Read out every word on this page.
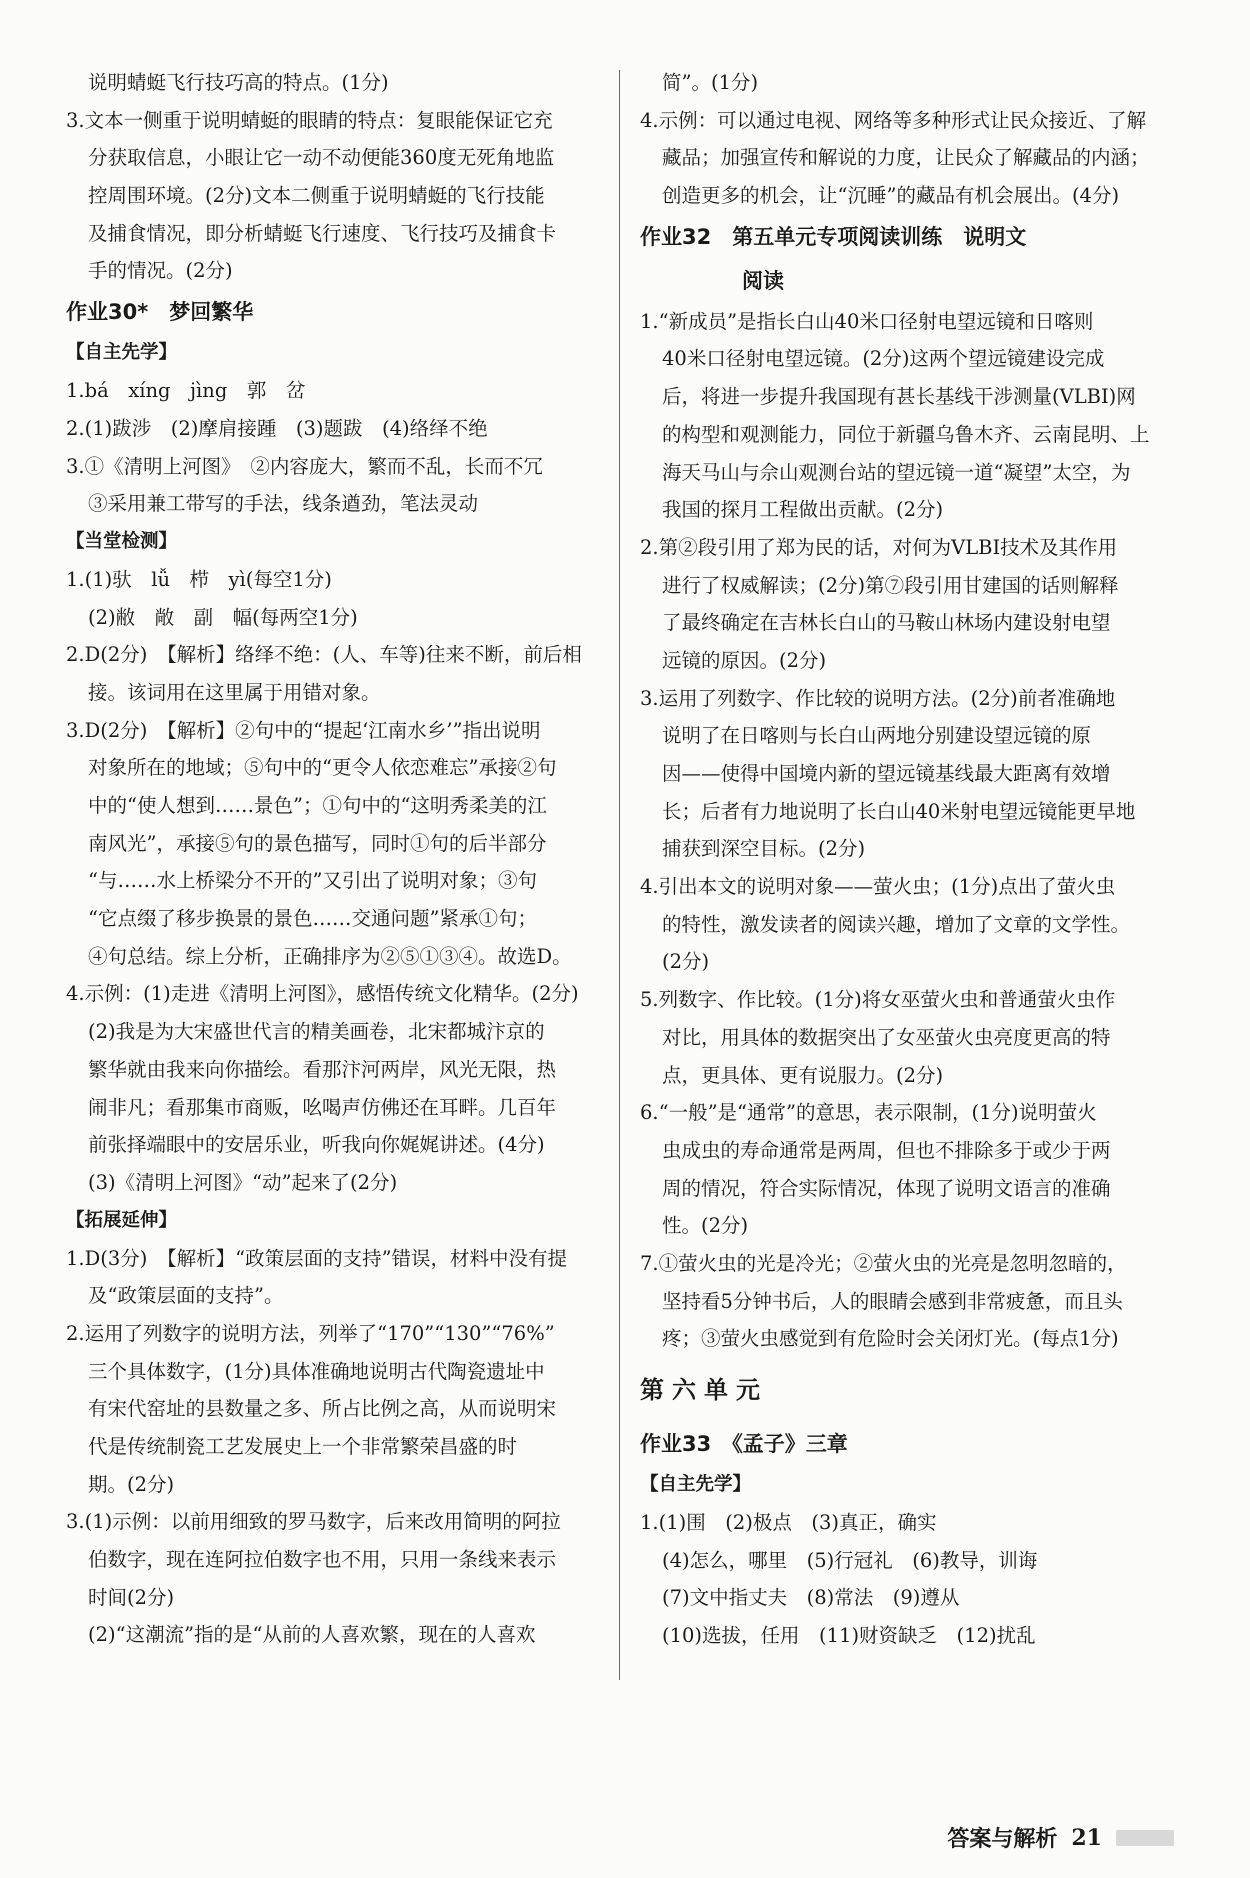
说明蜻蜓飞行技巧高的特点。(1分)
3.文本一侧重于说明蜻蜓的眼睛的特点：复眼能保证它充
分获取信息，小眼让它一动不动便能360度无死角地监
控周围环境。(2分)文本二侧重于说明蜻蜓的飞行技能
及捕食情况，即分析蜻蜓飞行速度、飞行技巧及捕食卡
手的情况。(2分)
作业30*　梦回繁华
【自主先学】
1.bá　xíng　jìng　郭　岔
2.(1)跋涉　(2)摩肩接踵　(3)题跋　(4)络绎不绝
3.①《清明上河图》　②内容庞大，繁而不乱，长而不冗
③采用兼工带写的手法，线条遒劲，笔法灵动
【当堂检测】
1.(1)驮　lǚ　栉　yì(每空1分)
(2)敝　敞　副　幅(每两空1分)
2.D(2分)　【解析】络绎不绝：(人、车等)往来不断，前后相
接。该词用在这里属于用错对象。
3.D(2分)　【解析】②句中的“提起‘江南水乡’”指出说明
对象所在的地域；⑤句中的“更令人依恋难忘”承接②句
中的“使人想到……景色”；①句中的“这明秀柔美的江
南风光”，承接⑤句的景色描写，同时①句的后半部分
“与……水上桥梁分不开的”又引出了说明对象；③句
“它点缀了移步换景的景色……交通问题”紧承①句；
④句总结。综上分析，正确排序为②⑤①③④。故选D。
4.示例：(1)走进《清明上河图》，感悟传统文化精华。(2分)
(2)我是为大宋盛世代言的精美画卷，北宋都城汴京的
繁华就由我来向你描绘。看那汴河两岸，风光无限，热
闹非凡；看那集市商贩，吆喝声仿佛还在耳畔。几百年
前张择端眼中的安居乐业，听我向你娓娓讲述。(4分)
(3)《清明上河图》“动”起来了(2分)
【拓展延伸】
1.D(3分)　【解析】“政策层面的支持”错误，材料中没有提
及“政策层面的支持”。
2.运用了列数字的说明方法，列举了“170”“130”“76%”
三个具体数字，(1分)具体准确地说明古代陶瓷遗址中
有宋代窑址的县数量之多、所占比例之高，从而说明宋
代是传统制瓷工艺发展史上一个非常繁荣昌盛的时
期。(2分)
3.(1)示例：以前用细致的罗马数字，后来改用简明的阿拉
伯数字，现在连阿拉伯数字也不用，只用一条线来表示
时间(2分)
(2)“这潮流”指的是“从前的人喜欢繁，现在的人喜欢
简”。(1分)
4.示例：可以通过电视、网络等多种形式让民众接近、了解
藏品；加强宣传和解说的力度，让民众了解藏品的内涵；
创造更多的机会，让“沉睡”的藏品有机会展出。(4分)
作业32　第五单元专项阅读训练　说明文
阅读
1.“新成员”是指长白山40米口径射电望远镜和日喀则
40米口径射电望远镜。(2分)这两个望远镜建设完成
后，将进一步提升我国现有甚长基线干涉测量(VLBI)网
的构型和观测能力，同位于新疆乌鲁木齐、云南昆明、上
海天马山与佘山观测台站的望远镜一道“凝望”太空，为
我国的探月工程做出贡献。(2分)
2.第②段引用了郑为民的话，对何为VLBI技术及其作用
进行了权威解读；(2分)第⑦段引用甘建国的话则解释
了最终确定在吉林长白山的马鞍山林场内建设射电望
远镜的原因。(2分)
3.运用了列数字、作比较的说明方法。(2分)前者准确地
说明了在日喀则与长白山两地分别建设望远镜的原
因——使得中国境内新的望远镜基线最大距离有效增
长；后者有力地说明了长白山40米射电望远镜能更早地
捕获到深空目标。(2分)
4.引出本文的说明对象——萤火虫；(1分)点出了萤火虫
的特性，激发读者的阅读兴趣，增加了文章的文学性。
(2分)
5.列数字、作比较。(1分)将女巫萤火虫和普通萤火虫作
对比，用具体的数据突出了女巫萤火虫亮度更高的特
点，更具体、更有说服力。(2分)
6.“一般”是“通常”的意思，表示限制，(1分)说明萤火
虫成虫的寿命通常是两周，但也不排除多于或少于两
周的情况，符合实际情况，体现了说明文语言的准确
性。(2分)
7.①萤火虫的光是冷光；②萤火虫的光亮是忽明忽暗的，
坚持看5分钟书后，人的眼睛会感到非常疲惫，而且头
疼；③萤火虫感觉到有危险时会关闭灯光。(每点1分)
第六单元
作业33　《孟子》三章
【自主先学】
1.(1)围　(2)极点　(3)真正，确实
(4)怎么，哪里　(5)行冠礼　(6)教导，训诲
(7)文中指丈夫　(8)常法　(9)遵从
(10)选拔，任用　(11)财资缺乏　(12)扰乱
答案与解析 21
